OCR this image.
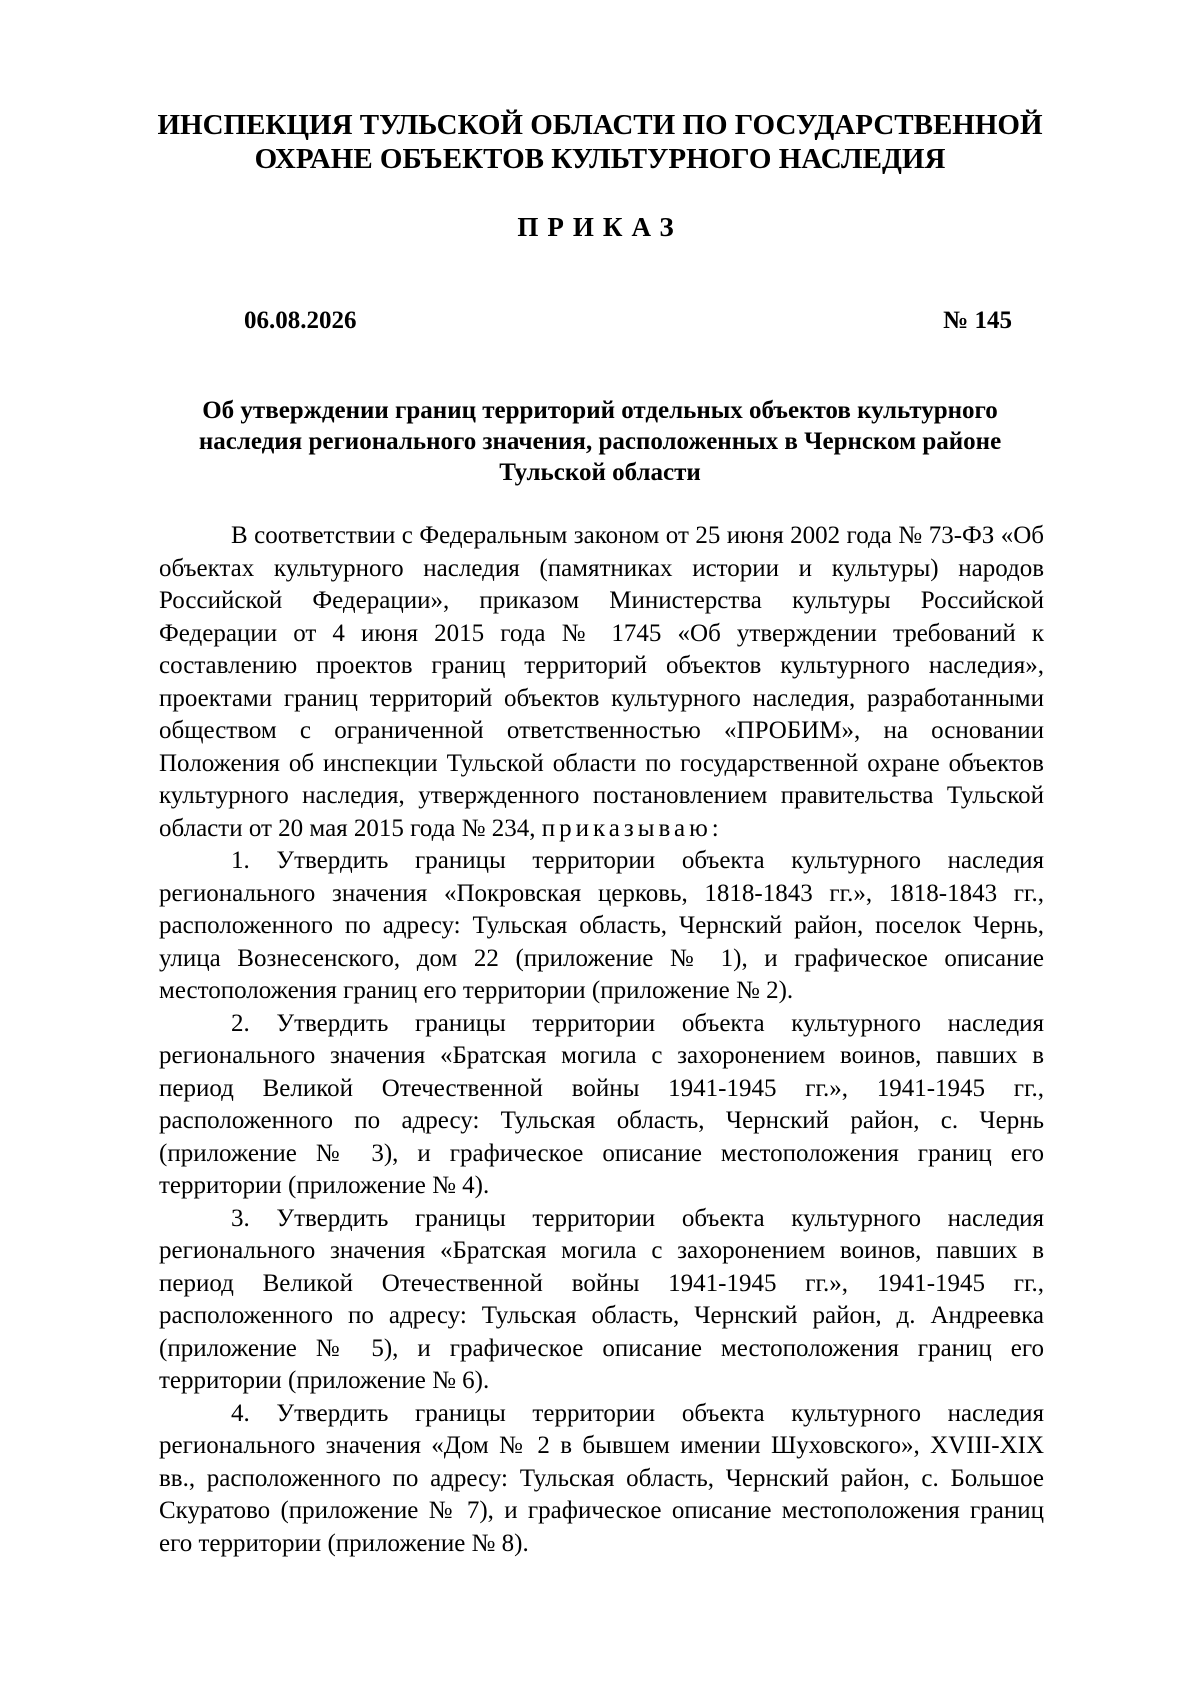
ИНСПЕКЦИЯ ТУЛЬСКОЙ ОБЛАСТИ ПО ГОСУДАРСТВЕННОЙ ОХРАНЕ ОБЪЕКТОВ КУЛЬТУРНОГО НАСЛЕДИЯ
ПРИКАЗ
06.08.2026	№ 145
Об утверждении границ территорий отдельных объектов культурного наследия регионального значения, расположенных в Чернском районе Тульской области

В соответствии с Федеральным законом от 25 июня 2002 года № 73-ФЗ «Об объектах культурного наследия (памятниках истории и культуры) народов Российской Федерации», приказом Министерства культуры Российской Федерации от 4 июня 2015 года № 1745 «Об утверждении требований к составлению проектов границ территорий объектов культурного наследия», проектами границ территорий объектов культурного наследия, разработанными обществом с ограниченной ответственностью «ПРОБИМ», на основании Положения об инспекции Тульской области по государственной охране объектов культурного наследия, утвержденного постановлением правительства Тульской области от 20 мая 2015 года № 234, приказываю:

1. Утвердить границы территории объекта культурного наследия регионального значения «Покровская церковь, 1818-1843 гг.», 1818-1843 гг., расположенного по адресу: Тульская область, Чернский район, поселок Чернь, улица Вознесенского, дом 22 (приложение № 1), и графическое описание местоположения границ его территории (приложение № 2).

2. Утвердить границы территории объекта культурного наследия регионального значения «Братская могила с захоронением воинов, павших в период Великой Отечественной войны 1941-1945 гг.», 1941-1945 гг., расположенного по адресу: Тульская область, Чернский район, с. Чернь (приложение № 3), и графическое описание местоположения границ его территории (приложение № 4).

3. Утвердить границы территории объекта культурного наследия регионального значения «Братская могила с захоронением воинов, павших в период Великой Отечественной войны 1941-1945 гг.», 1941-1945 гг., расположенного по адресу: Тульская область, Чернский район, д. Андреевка (приложение № 5), и графическое описание местоположения границ его территории (приложение № 6).

4. Утвердить границы территории объекта культурного наследия регионального значения «Дом № 2 в бывшем имении Шуховского», XVIII-XIX вв., расположенного по адресу: Тульская область, Чернский район, с. Большое Скуратово (приложение № 7), и графическое описание местоположения границ его территории (приложение № 8).
